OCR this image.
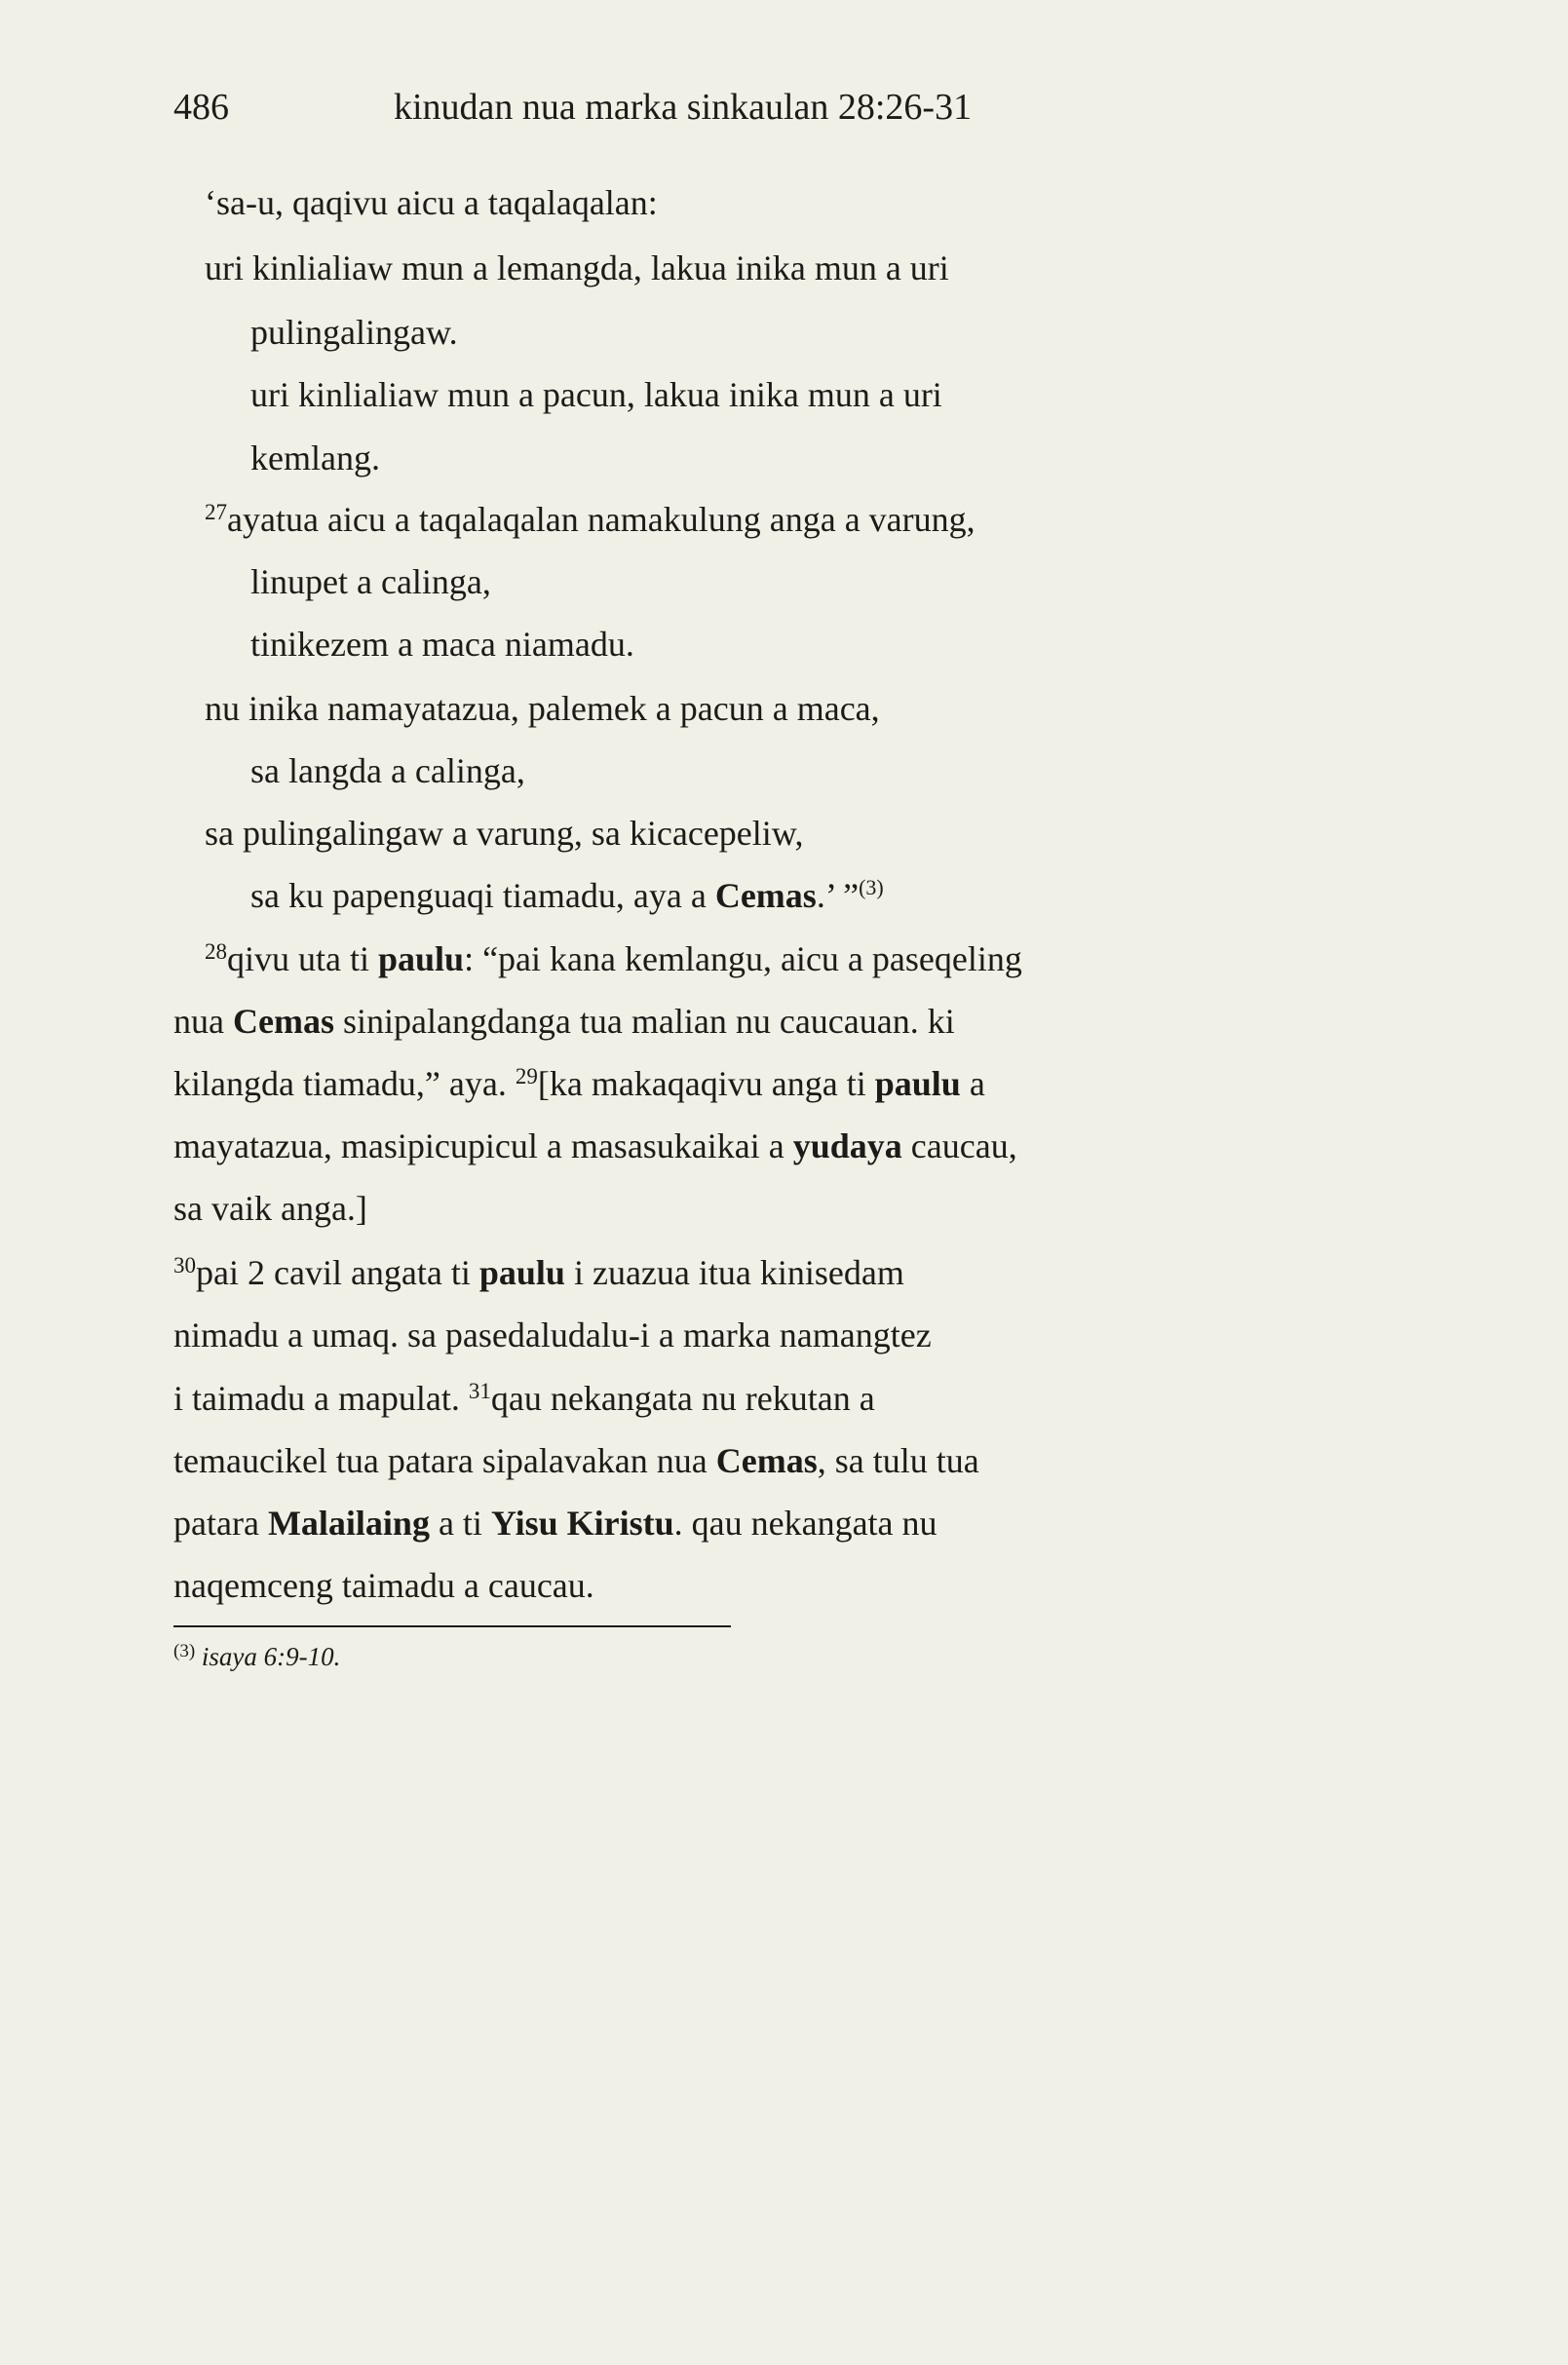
486	kinudan nua marka sinkaulan 28:26-31
‘sa-u, qaqivu aicu a taqalaqalan:
uri kinlialiaw mun a lemangda, lakua inika mun a uri
pulingalingaw.
uri kinlialiaw mun a pacun, lakua inika mun a uri
kemlang.
$^{27}$ayatua aicu a taqalaqalan namakulung anga a varung,
linupet a calinga,
tinikezem a maca niamadu.
nu inika namayatazua, palemek a pacun a maca,
sa langda a calinga,
sa pulingalingaw a varung, sa kicacepeliw,
sa ku papenguaqi tiamadu, aya a Cemas.’ ”$^{(3)}$
$^{28}$qivu uta ti paulu: “pai kana kemlangu, aicu a paseqeling
nua Cemas sinipalangdanga tua malian nu caucauan. ki
kilangda tiamadu,” aya. $^{29}$[ka makaqaqivu anga ti paulu a
mayatazua, masipicupicul a masasukaikai a yudaya caucau,
sa vaik anga.]
$^{30}$pai 2 cavil angata ti paulu i zuazua itua kinisedam
nimadu a umaq. sa pasedaludalu-i a marka namangtez
i taimadu a mapulat. $^{31}$qau nekangata nu rekutan a
temaucikel tua patara sipalavakan nua Cemas, sa tulu tua
patara Malailaing a ti Yisu Kiristu. qau nekangata nu
naqemceng taimadu a caucau.
$^{(3)}$ isaya 6:9-10.
